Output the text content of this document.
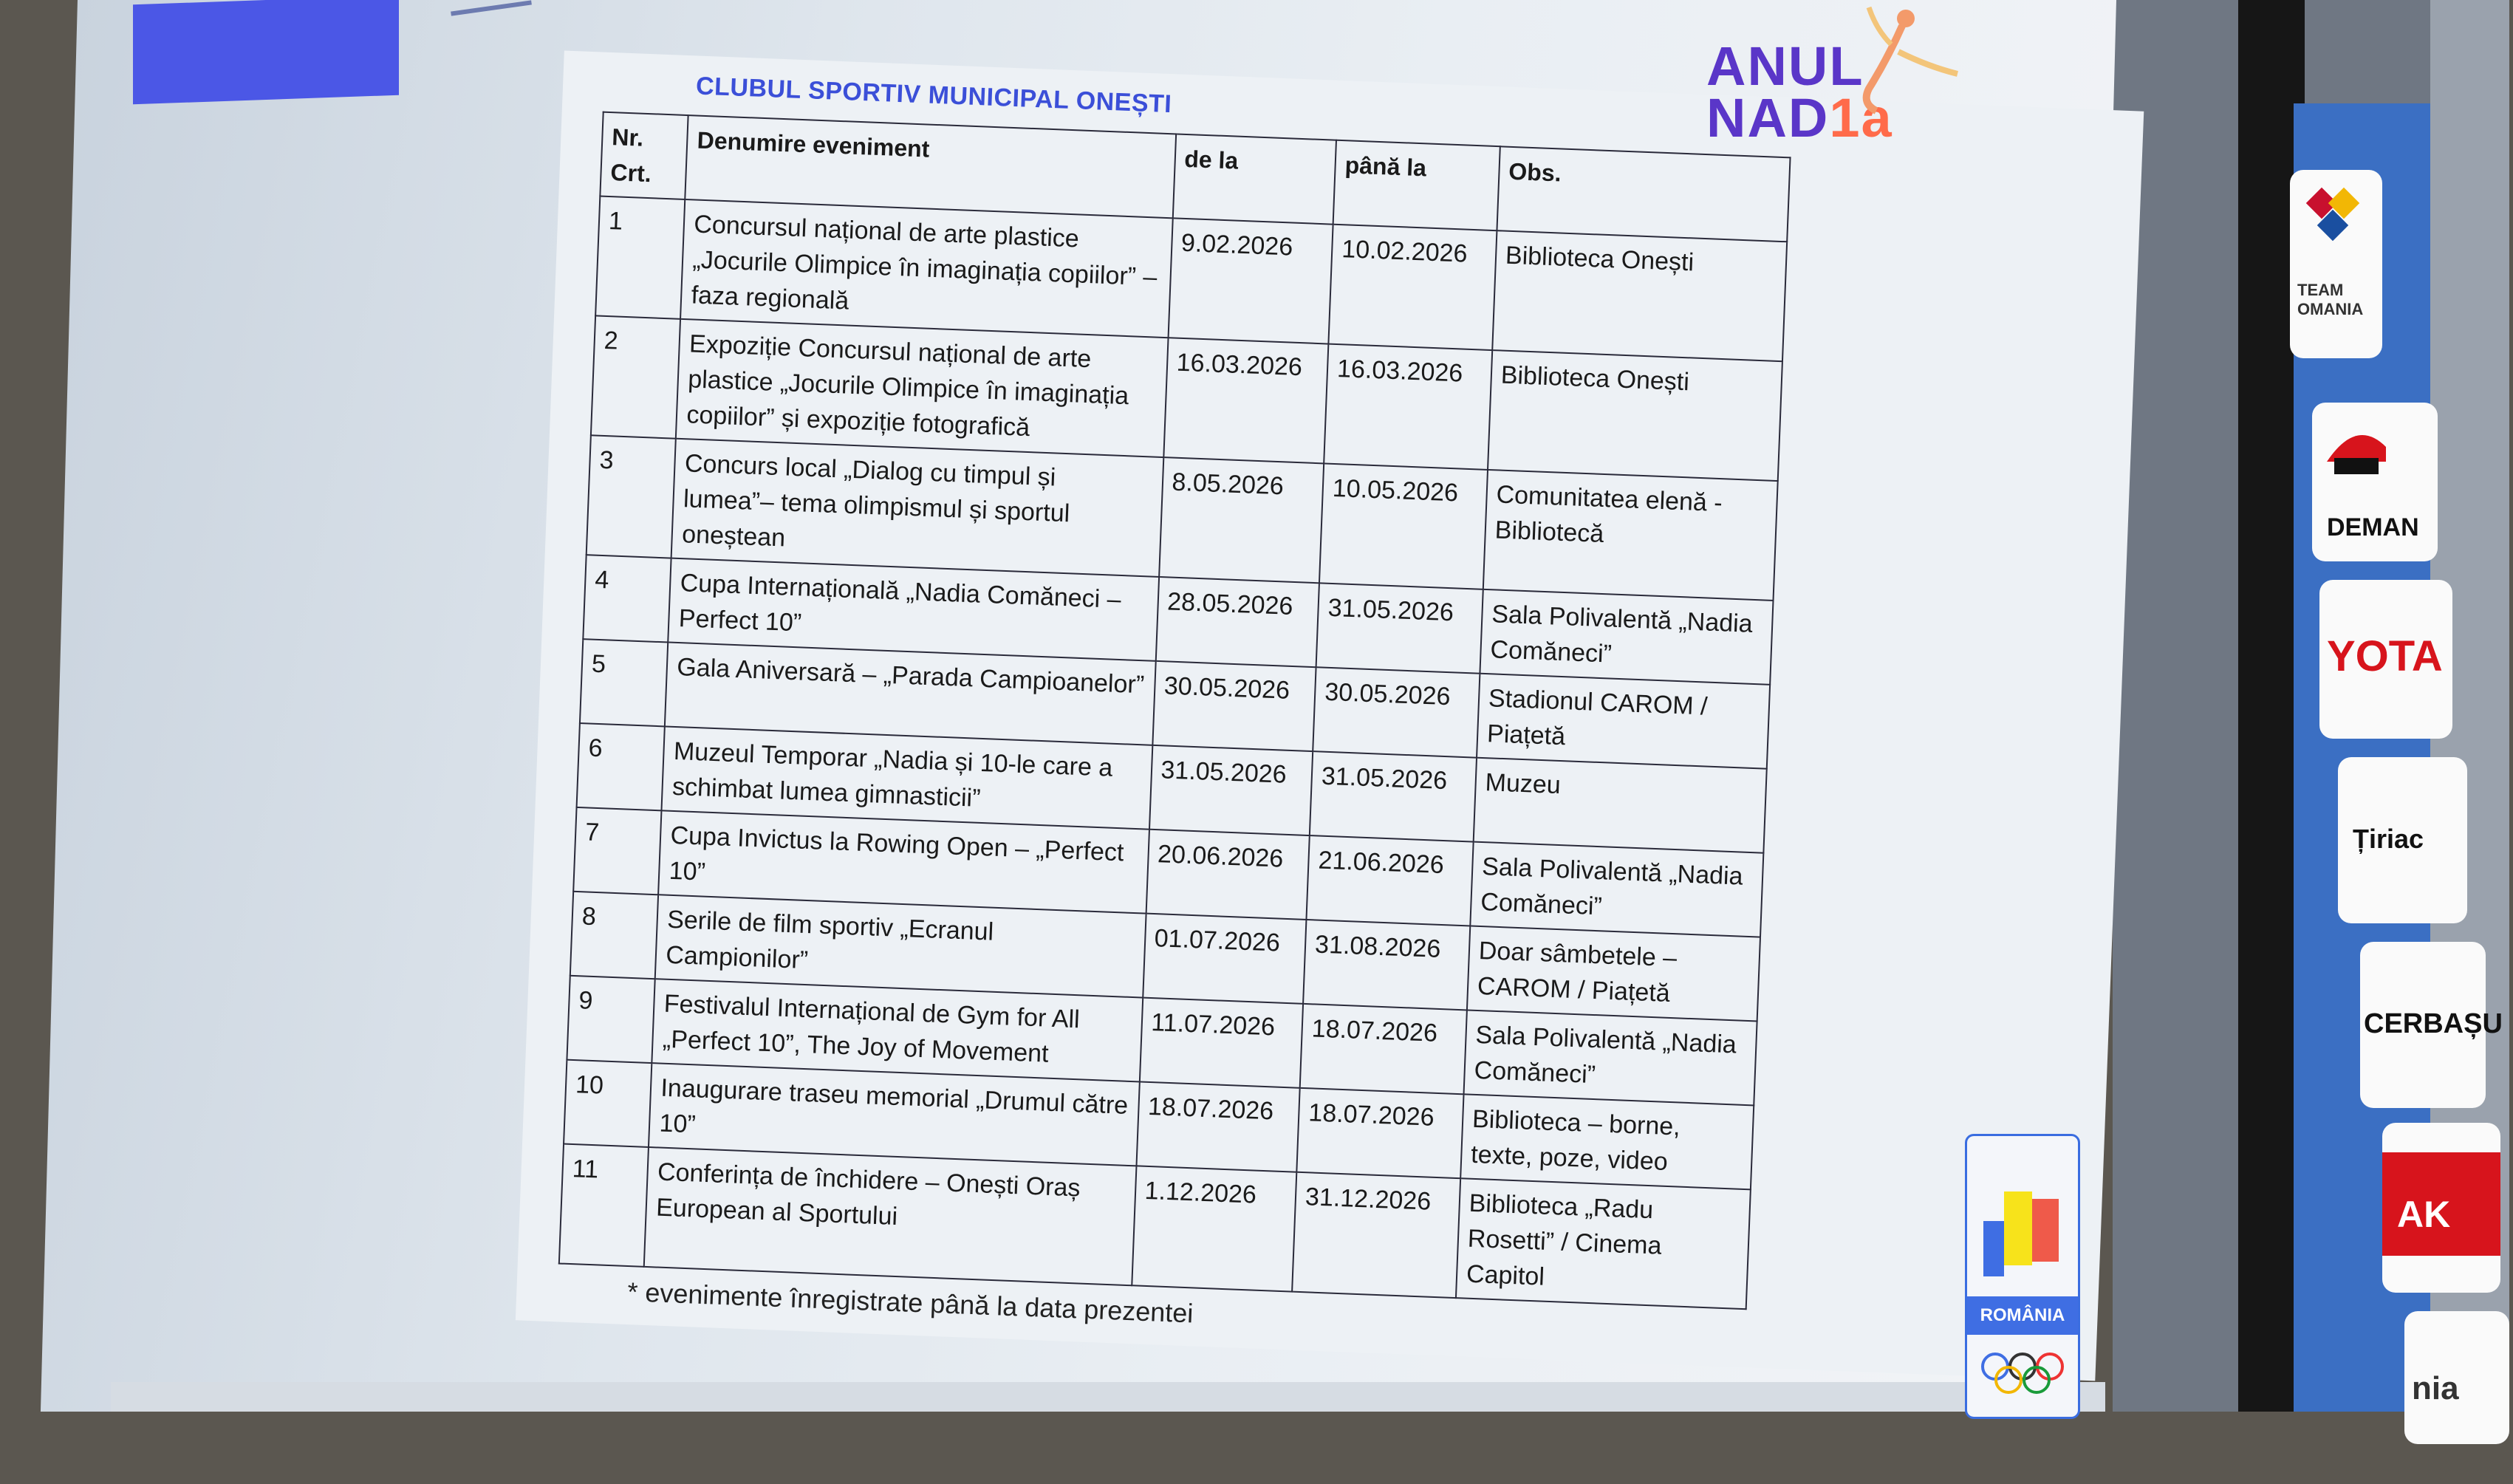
TEAM
OMANIA
DEMAN
YOTA
Țiriac
CERBAȘU
AK
nia
CLUBUL SPORTIV MUNICIPAL ONEȘTI
Nr. Crt.	Denumire eveniment	de la	până la	Obs.
1	Concursul național de arte plastice „Jocurile Olimpice în imaginația copiilor” – faza regională	9.02.2026	10.02.2026	Biblioteca Onești
2	Expoziție Concursul național de arte plastice „Jocurile Olimpice în imaginația copiilor” și expoziție fotografică	16.03.2026	16.03.2026	Biblioteca Onești
3	Concurs local „Dialog cu timpul și lumea”– tema olimpismul și sportul oneștean	8.05.2026	10.05.2026	Comunitatea elenă - Bibliotecă
4	Cupa Internațională „Nadia Comăneci – Perfect 10”	28.05.2026	31.05.2026	Sala Polivalentă „Nadia Comăneci”
5	Gala Aniversară – „Parada Campioanelor”	30.05.2026	30.05.2026	Stadionul CAROM / Piațetă
6	Muzeul Temporar „Nadia și 10-le care a schimbat lumea gimnasticii”	31.05.2026	31.05.2026	Muzeu
7	Cupa Invictus la Rowing Open – „Perfect 10”	20.06.2026	21.06.2026	Sala Polivalentă „Nadia Comăneci”
8	Serile de film sportiv „Ecranul Campionilor”	01.07.2026	31.08.2026	Doar sâmbetele – CAROM / Piațetă
9	Festivalul Internațional de Gym for All „Perfect 10”, The Joy of Movement	11.07.2026	18.07.2026	Sala Polivalentă „Nadia Comăneci”
10	Inaugurare traseu memorial „Drumul către 10”	18.07.2026	18.07.2026	Biblioteca – borne, texte, poze, video
11	Conferința de închidere – Onești Oraș European al Sportului	1.12.2026	31.12.2026	Biblioteca „Radu Rosetti” / Cinema Capitol
* evenimente înregistrate până la data prezentei
ANUL
NAD1a
ROMÂNIA
